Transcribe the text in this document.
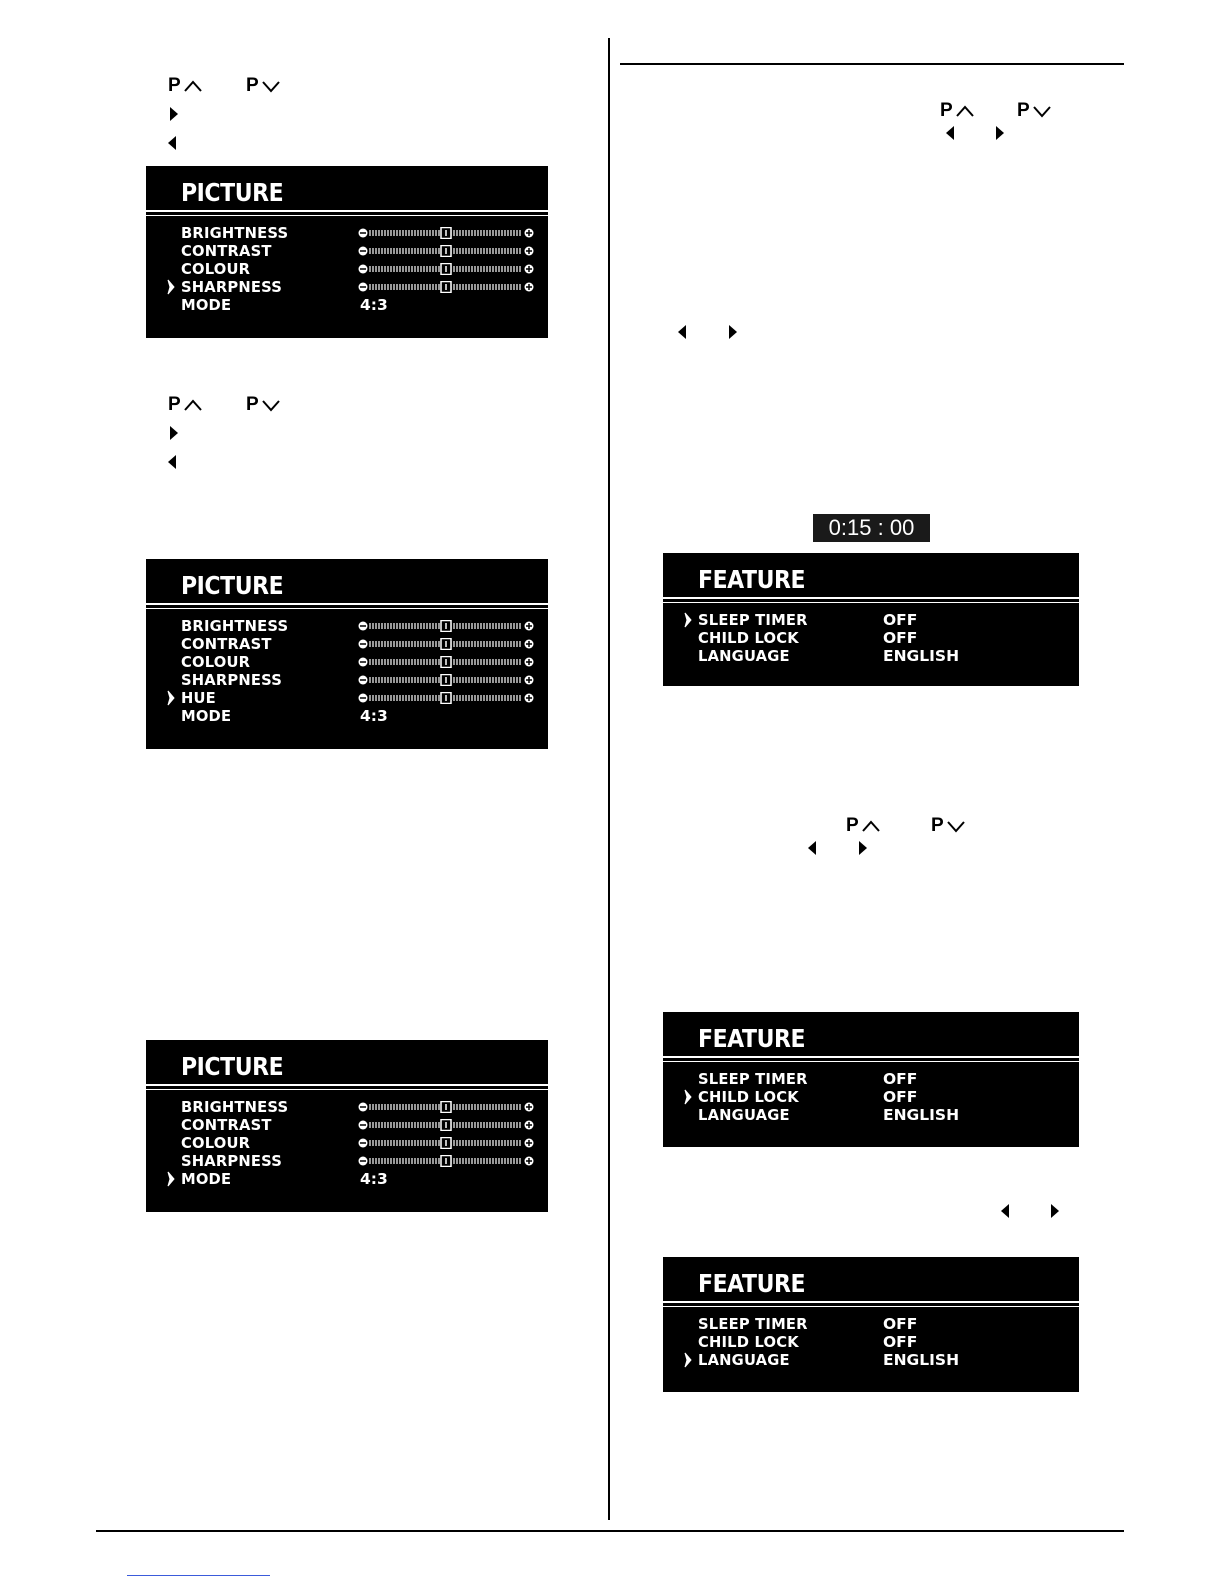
P	P
P	P
P	P
P	P
0:15 : 00
PICTURE
BRIGHTNESS
CONTRAST
COLOUR
SHARPNESS
MODE	4:3
PICTURE
BRIGHTNESS
CONTRAST
COLOUR
SHARPNESS
HUE
MODE	4:3
PICTURE
BRIGHTNESS
CONTRAST
COLOUR
SHARPNESS
MODE	4:3
FEATURE
SLEEP TIMER	OFF
CHILD LOCK	OFF
LANGUAGE	ENGLISH
FEATURE
SLEEP TIMER	OFF
CHILD LOCK	OFF
LANGUAGE	ENGLISH
FEATURE
SLEEP TIMER	OFF
CHILD LOCK	OFF
LANGUAGE	ENGLISH
